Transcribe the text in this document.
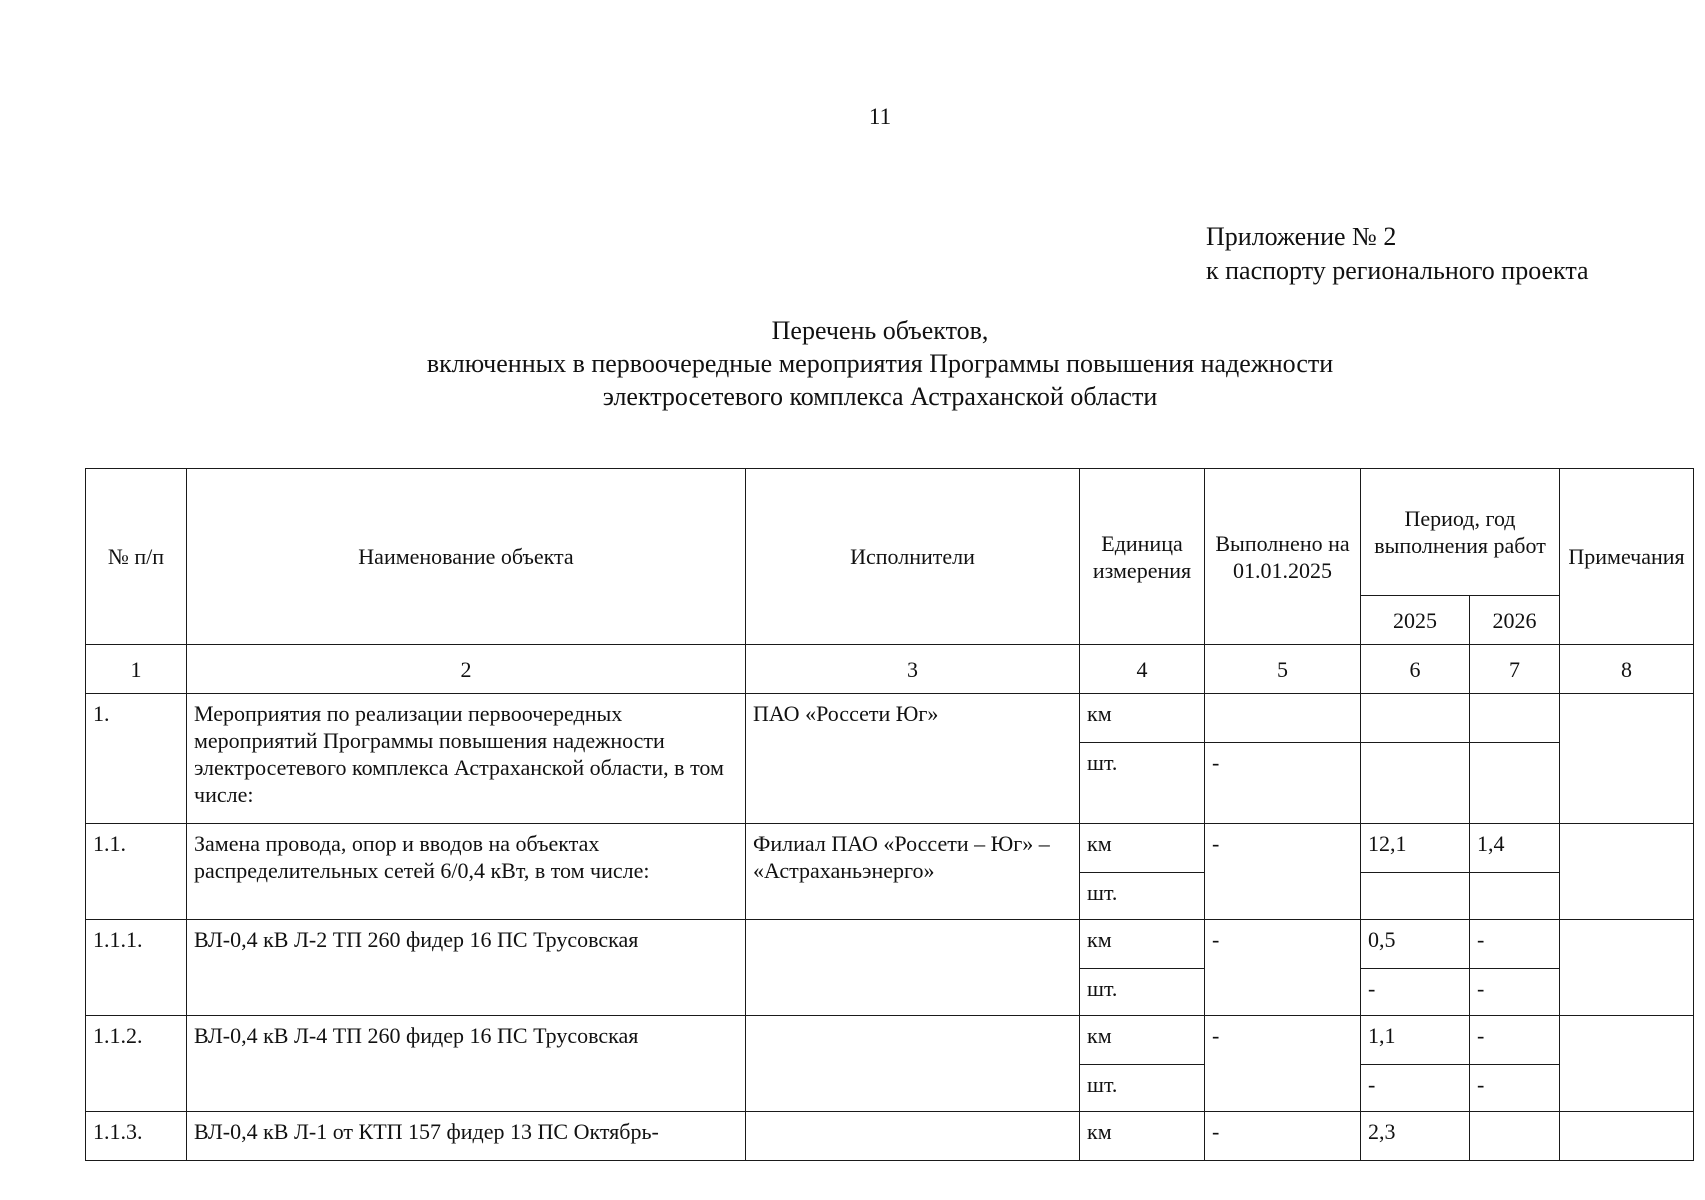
11
Приложение № 2
к паспорту регионального проекта
Перечень объектов,
включенных в первоочередные мероприятия Программы повышения надежности
электросетевого комплекса Астраханской области
№ п/п	Наименование объекта	Исполнители	Единица измерения	Выполнено на 01.01.2025	Период, год выполнения работ		Примечания
					2025	2026	
1	2	3	4	5	6	7	8
1.	Мероприятия по реализации первоочередных мероприятий Программы повышения надежности электросетевого комплекса Астраханской области, в том числе:	ПАО «Россети Юг»	км				
			шт.	-			
1.1.	Замена провода, опор и вводов на объектах распределительных сетей 6/0,4 кВт, в том числе:	Филиал ПАО «Россети – Юг» – «Астраханьэнерго»	км	-	12,1	1,4	
			шт.				
1.1.1.	ВЛ-0,4 кВ Л-2 ТП 260 фидер 16 ПС Трусовская		км	-	0,5	-	
			шт.		-	-	
1.1.2.	ВЛ-0,4 кВ Л-4 ТП 260 фидер 16 ПС Трусовская		км	-	1,1	-	
			шт.		-	-	
1.1.3.	ВЛ-0,4 кВ Л-1 от КТП 157 фидер 13 ПС Октябрь-		км	-	2,3		
